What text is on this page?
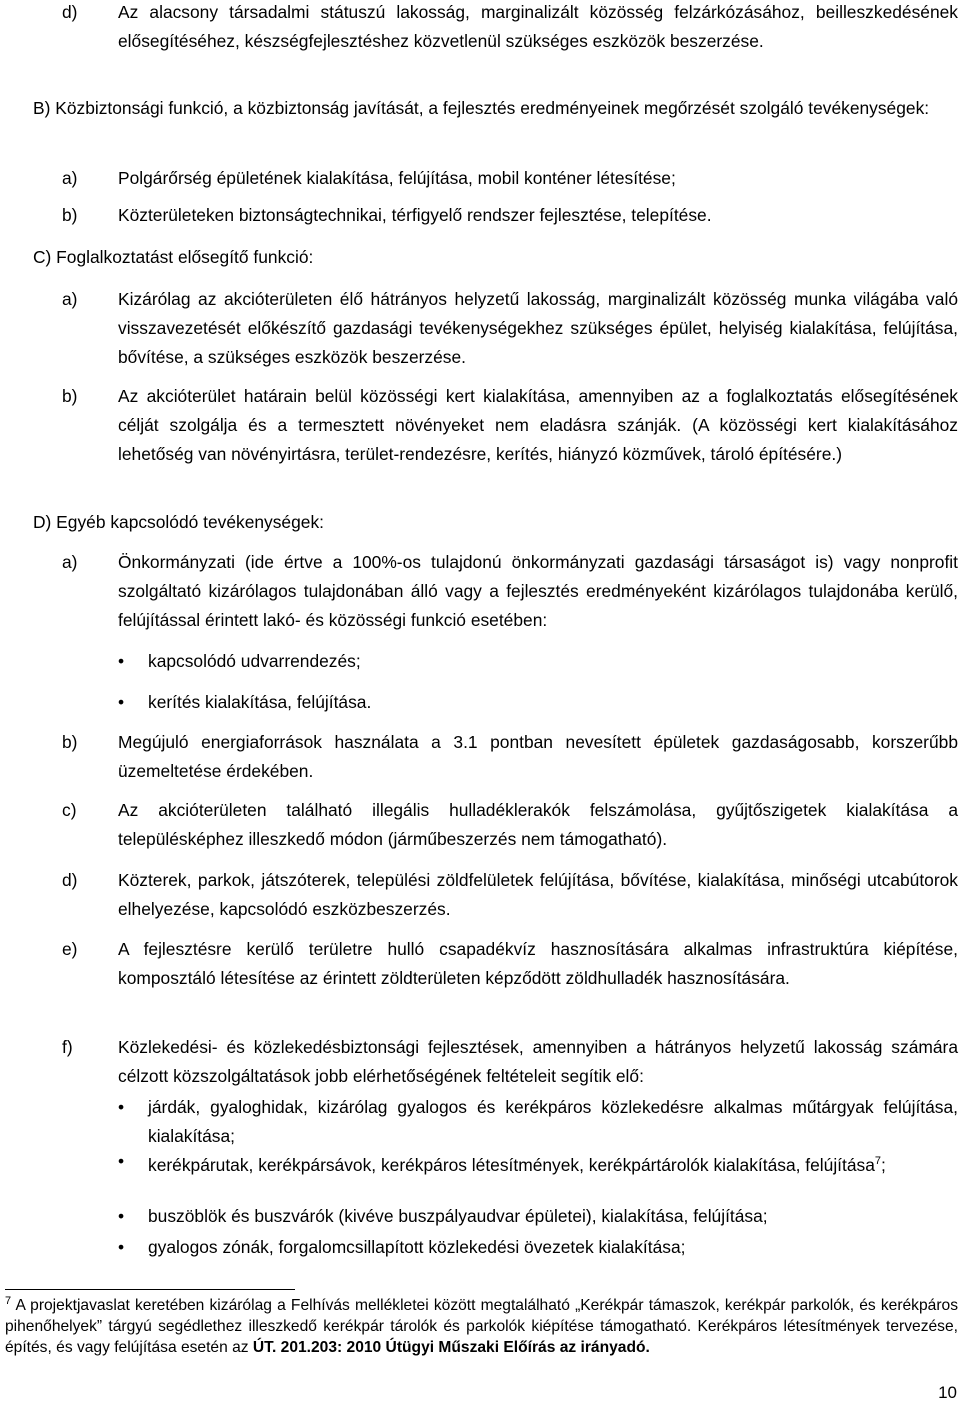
d)	Az alacsony társadalmi státuszú lakosság, marginalizált közösség felzárkózásához, beilleszkedésének elősegítéséhez, készségfejlesztéshez közvetlenül szükséges eszközök beszerzése.
B) Közbiztonsági funkció, a közbiztonság javítását, a fejlesztés eredményeinek megőrzését szolgáló tevékenységek:
a)	Polgárőrség épületének kialakítása, felújítása, mobil konténer létesítése;
b)	Közterületeken biztonságtechnikai, térfigyelő rendszer fejlesztése, telepítése.
C) Foglalkoztatást elősegítő funkció:
a)	Kizárólag az akcióterületen élő hátrányos helyzetű lakosság, marginalizált közösség munka világába való visszavezetését előkészítő gazdasági tevékenységekhez szükséges épület, helyiség kialakítása, felújítása, bővítése, a szükséges eszközök beszerzése.
b)	Az akcióterület határain belül közösségi kert kialakítása, amennyiben az a foglalkoztatás elősegítésének célját szolgálja és a termesztett növényeket nem eladásra szánják. (A közösségi kert kialakításához lehetőség van növényirtásra, terület-rendezésre, kerítés, hiányzó közművek, tároló építésére.)
D) Egyéb kapcsolódó tevékenységek:
a)	Önkormányzati (ide értve a 100%-os tulajdonú önkormányzati gazdasági társaságot is) vagy nonprofit szolgáltató kizárólagos tulajdonában álló vagy a fejlesztés eredményeként kizárólagos tulajdonába kerülő, felújítással érintett lakó- és közösségi funkció esetében:
•	kapcsolódó udvarrendezés;
•	kerítés kialakítása, felújítása.
b)	Megújuló energiaforrások használata a 3.1 pontban nevesített épületek gazdaságosabb, korszerűbb üzemeltetése érdekében.
c)	Az akcióterületen található illegális hulladéklerakók felszámolása, gyűjtőszigetek kialakítása a településképhez illeszkedő módon (járműbeszerzés nem támogatható).
d)	Közterek, parkok, játszóterek, települési zöldfelületek felújítása, bővítése, kialakítása, minőségi utcabútorok elhelyezése, kapcsolódó eszközbeszerzés.
e)	A fejlesztésre kerülő területre hulló csapadékvíz hasznosítására alkalmas infrastruktúra kiépítése, komposztáló létesítése az érintett zöldterületen képződött zöldhulladék hasznosítására.
f)	Közlekedési- és közlekedésbiztonsági fejlesztések, amennyiben a hátrányos helyzetű lakosság számára célzott közszolgáltatások jobb elérhetőségének feltételeit segítik elő:
•	járdák, gyaloghidak, kizárólag gyalogos és kerékpáros közlekedésre alkalmas műtárgyak felújítása, kialakítása;
•	kerékpárutak, kerékpársávok, kerékpáros létesítmények, kerékpártárolók kialakítása, felújítása$^7$;
•	buszöblök és buszvárók (kivéve buszpályaudvar épületei), kialakítása, felújítása;
•	gyalogos zónák, forgalomcsillapított közlekedési övezetek kialakítása;
$^7$ A projektjavaslat keretében kizárólag a Felhívás mellékletei között megtalálható „Kerékpár támaszok, kerékpár parkolók, és kerékpáros pihenőhelyek” tárgyú segédlethez illeszkedő kerékpár tárolók és parkolók kiépítése támogatható. Kerékpáros létesítmények tervezése, építés, és vagy felújítása esetén az ÚT. 201.203: 2010 Útügyi Műszaki Előírás az irányadó.
10
